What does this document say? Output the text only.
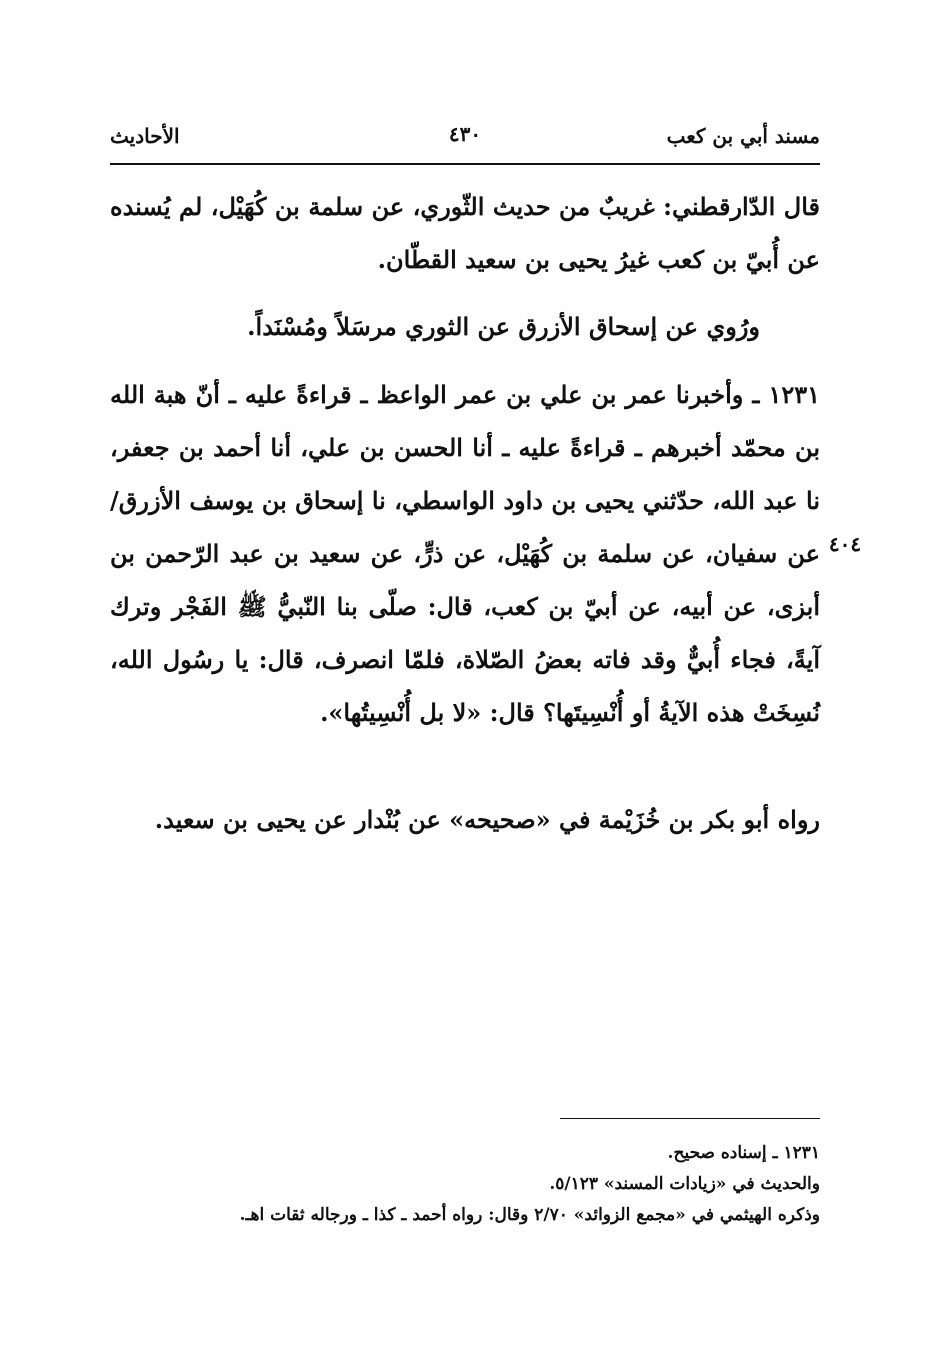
مسند أبي بن كعب
٤٣٠
الأحاديث
قال الدّارقطني: غريبٌ من حديث الثّوري، عن سلمة بن كُهَيْل، لم يُسنده عن أُبيّ بن كعب غيرُ يحيى بن سعيد القطّان.
ورُوي عن إسحاق الأزرق عن الثوري مرسَلاً ومُسْنَداً.
١٢٣١ ـ وأخبرنا عمر بن علي بن عمر الواعظ ـ قراءةً عليه ـ أنّ هبة الله بن محمّد أخبرهم ـ قراءةً عليه ـ أنا الحسن بن علي، أنا أحمد بن جعفر، نا عبد الله، حدّثني يحيى بن داود الواسطي، نا إسحاق بن يوسف الأزرق/ عن سفيان، عن سلمة بن كُهَيْل، عن ذرٍّ، عن سعيد بن عبد الرّحمن بن أبزى، عن أبيه، عن أبيّ بن كعب، قال: صلّى بنا النّبيُّ ﷺ الفَجْر وترك آيةً، فجاء أُبيٌّ وقد فاته بعضُ الصّلاة، فلمّا انصرف، قال: يا رسُول الله، نُسِخَتْ هذه الآيةُ أو أُنْسِيتَها؟ قال: «لا بل أُنْسِيتُها».
٤٠٤
رواه أبو بكر بن خُزَيْمة في «صحيحه» عن بُنْدار عن يحيى بن سعيد.
١٢٣١ ـ إسناده صحيح.
والحديث في «زيادات المسند» ٥/١٢٣.
وذكره الهيثمي في «مجمع الزوائد» ٢/٧٠ وقال: رواه أحمد ـ كذا ـ ورجاله ثقات اهـ.
